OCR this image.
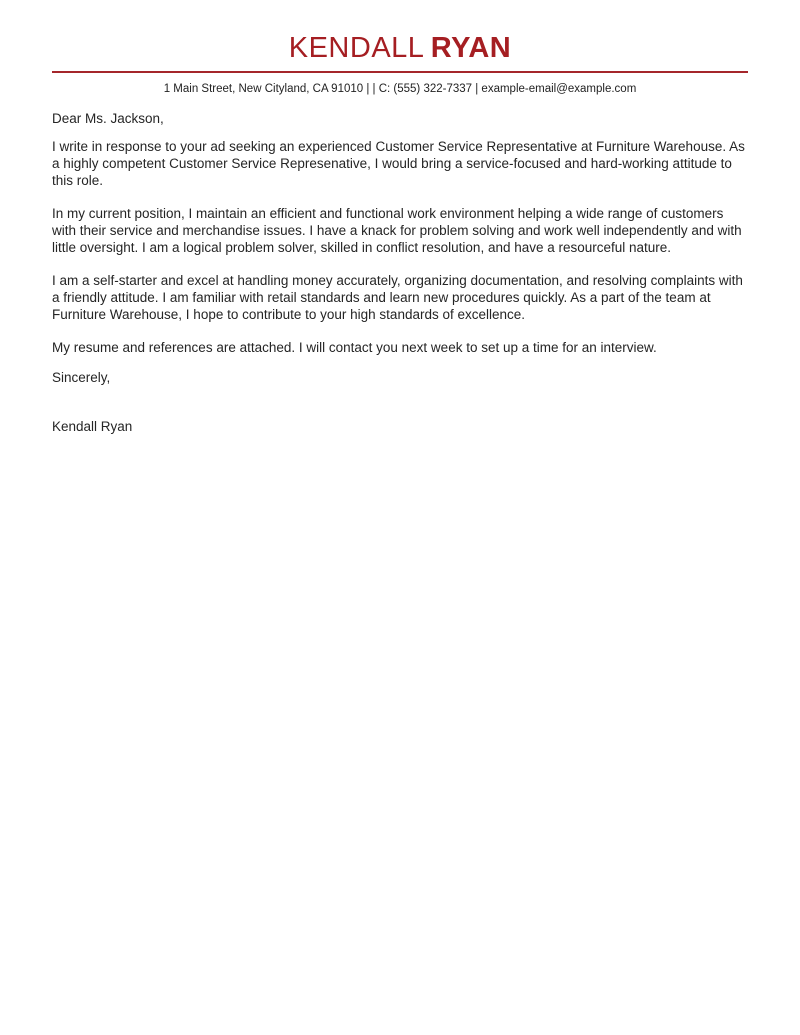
KENDALL RYAN
1 Main Street, New Cityland, CA 91010 | | C: (555) 322-7337 | example-email@example.com

Dear Ms. Jackson,

I write in response to your ad seeking an experienced Customer Service Representative at Furniture Warehouse. As a highly competent Customer Service Represenative, I would bring a service-focused and hard-working attitude to this role.

In my current position, I maintain an efficient and functional work environment helping a wide range of customers with their service and merchandise issues. I have a knack for problem solving and work well independently and with little oversight. I am a logical problem solver, skilled in conflict resolution, and have a resourceful nature.

I am a self-starter and excel at handling money accurately, organizing documentation, and resolving complaints with a friendly attitude. I am familiar with retail standards and learn new procedures quickly. As a part of the team at Furniture Warehouse, I hope to contribute to your high standards of excellence.

My resume and references are attached. I will contact you next week to set up a time for an interview.

Sincerely,

Kendall Ryan
